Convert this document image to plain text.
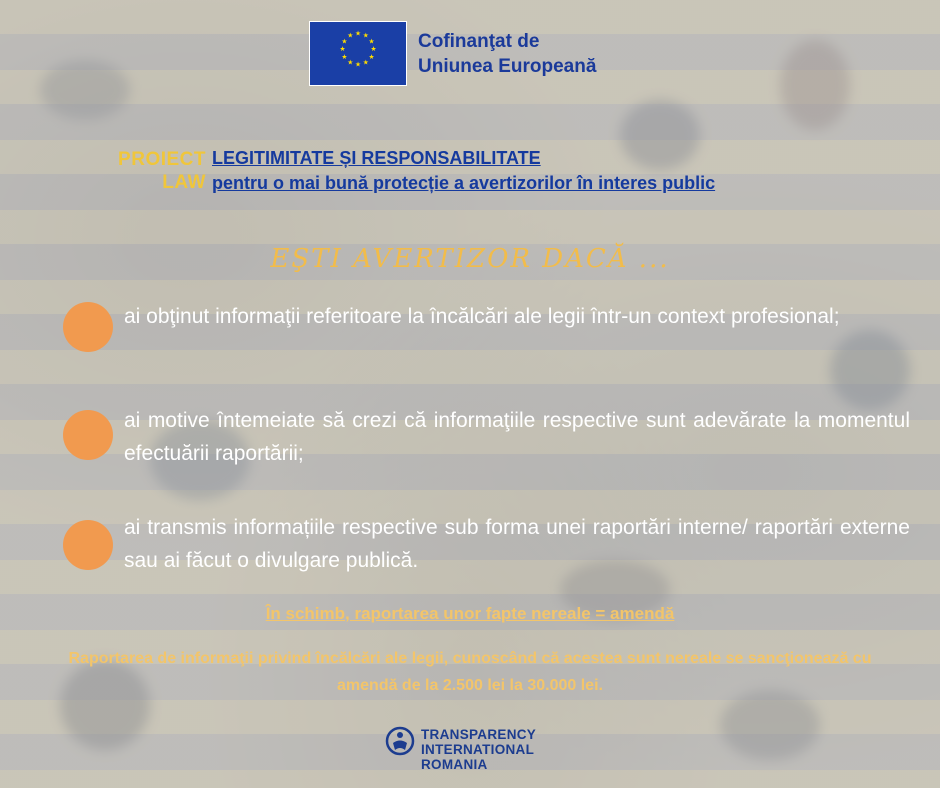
★ ★
★
★
★
★
★
★
★
★
★
★	Cofinanţat de
Uniunea Europeană
PROIECT LAW
LEGITIMITATE ȘI RESPONSABILITATE
pentru o mai bună protecție a avertizorilor în interes public
EŞTI AVERTIZOR DACĂ ...
ai obţinut informaţii referitoare la încălcări ale legii într-un context profesional;
ai motive întemeiate să crezi că informaţiile respective sunt adevărate la momentul efectuării raportării;
ai transmis informațiile respective sub forma unei raportări interne/ raportări externe sau ai făcut o divulgare publică.
În schimb, raportarea unor fapte nereale = amendă
Raportarea de informaţii privind încălcări ale legii, cunoscând că acestea sunt nereale se sancţionează cu amendă de la 2.500 lei la 30.000 lei.
TRANSPARENCY
INTERNATIONAL
ROMANIA
